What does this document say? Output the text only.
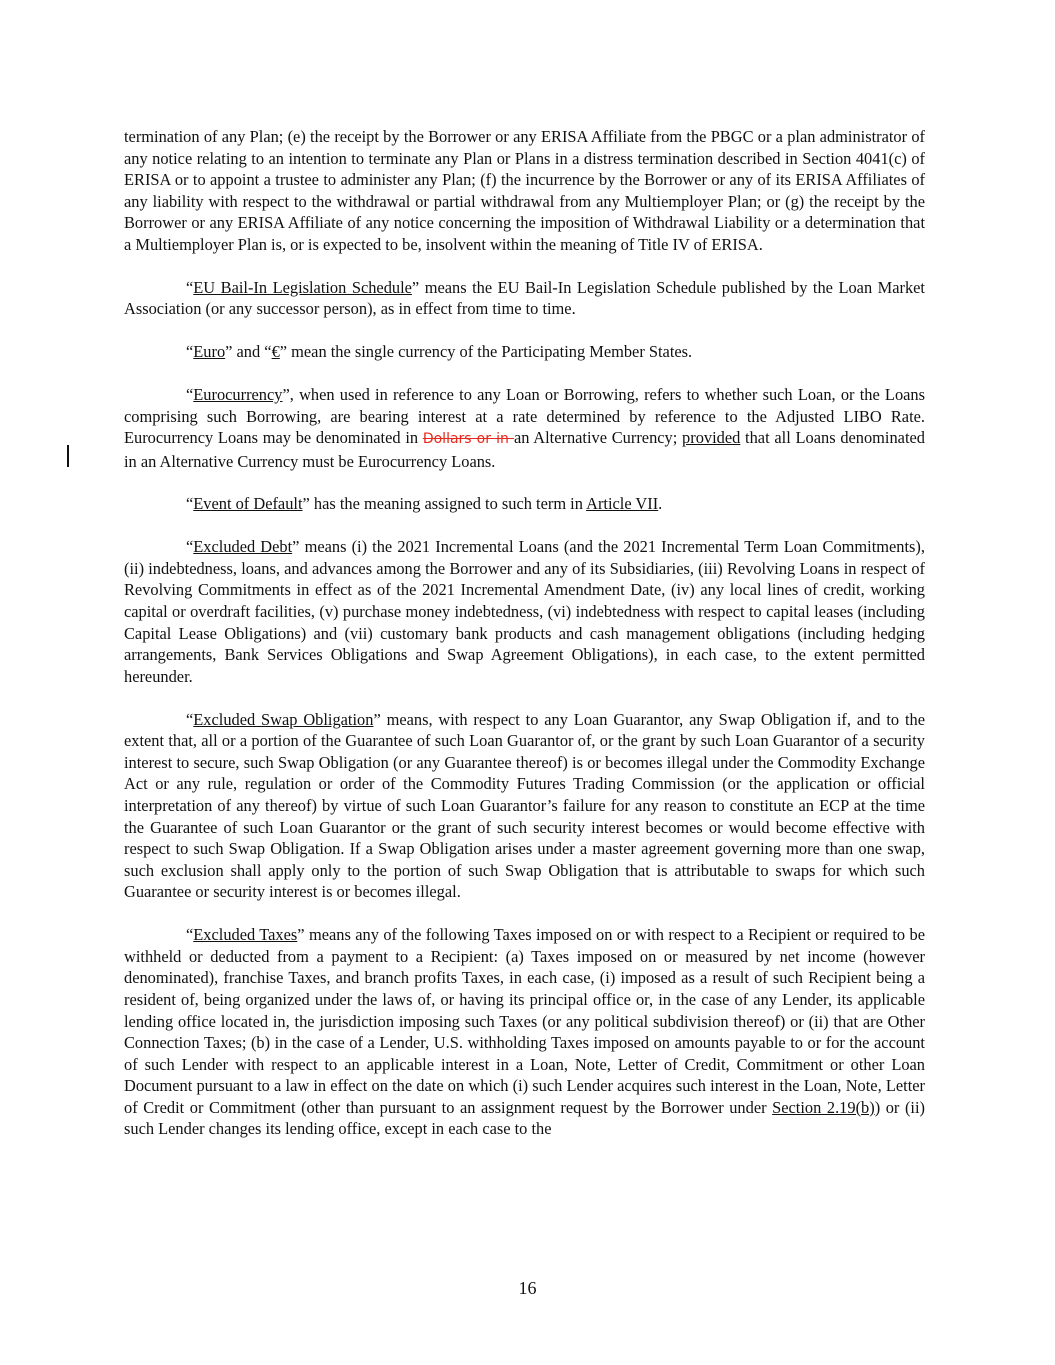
termination of any Plan; (e) the receipt by the Borrower or any ERISA Affiliate from the PBGC or a plan administrator of any notice relating to an intention to terminate any Plan or Plans in a distress termination described in Section 4041(c) of ERISA or to appoint a trustee to administer any Plan; (f) the incurrence by the Borrower or any of its ERISA Affiliates of any liability with respect to the withdrawal or partial withdrawal from any Multiemployer Plan; or (g) the receipt by the Borrower or any ERISA Affiliate of any notice concerning the imposition of Withdrawal Liability or a determination that a Multiemployer Plan is, or is expected to be, insolvent within the meaning of Title IV of ERISA.

“EU Bail-In Legislation Schedule” means the EU Bail-In Legislation Schedule published by the Loan Market Association (or any successor person), as in effect from time to time.

“Euro” and “€” mean the single currency of the Participating Member States.

“Eurocurrency”, when used in reference to any Loan or Borrowing, refers to whether such Loan, or the Loans comprising such Borrowing, are bearing interest at a rate determined by reference to the Adjusted LIBO Rate. Eurocurrency Loans may be denominated in Dollars or in an Alternative Currency; provided that all Loans denominated in an Alternative Currency must be Eurocurrency Loans.

“Event of Default” has the meaning assigned to such term in Article VII.

“Excluded Debt” means (i) the 2021 Incremental Loans (and the 2021 Incremental Term Loan Commitments), (ii) indebtedness, loans, and advances among the Borrower and any of its Subsidiaries, (iii) Revolving Loans in respect of Revolving Commitments in effect as of the 2021 Incremental Amendment Date, (iv) any local lines of credit, working capital or overdraft facilities, (v) purchase money indebtedness, (vi) indebtedness with respect to capital leases (including Capital Lease Obligations) and (vii) customary bank products and cash management obligations (including hedging arrangements, Bank Services Obligations and Swap Agreement Obligations), in each case, to the extent permitted hereunder.

“Excluded Swap Obligation” means, with respect to any Loan Guarantor, any Swap Obligation if, and to the extent that, all or a portion of the Guarantee of such Loan Guarantor of, or the grant by such Loan Guarantor of a security interest to secure, such Swap Obligation (or any Guarantee thereof) is or becomes illegal under the Commodity Exchange Act or any rule, regulation or order of the Commodity Futures Trading Commission (or the application or official interpretation of any thereof) by virtue of such Loan Guarantor’s failure for any reason to constitute an ECP at the time the Guarantee of such Loan Guarantor or the grant of such security interest becomes or would become effective with respect to such Swap Obligation. If a Swap Obligation arises under a master agreement governing more than one swap, such exclusion shall apply only to the portion of such Swap Obligation that is attributable to swaps for which such Guarantee or security interest is or becomes illegal.

“Excluded Taxes” means any of the following Taxes imposed on or with respect to a Recipient or required to be withheld or deducted from a payment to a Recipient: (a) Taxes imposed on or measured by net income (however denominated), franchise Taxes, and branch profits Taxes, in each case, (i) imposed as a result of such Recipient being a resident of, being organized under the laws of, or having its principal office or, in the case of any Lender, its applicable lending office located in, the jurisdiction imposing such Taxes (or any political subdivision thereof) or (ii) that are Other Connection Taxes; (b) in the case of a Lender, U.S. withholding Taxes imposed on amounts payable to or for the account of such Lender with respect to an applicable interest in a Loan, Note, Letter of Credit, Commitment or other Loan Document pursuant to a law in effect on the date on which (i) such Lender acquires such interest in the Loan, Note, Letter of Credit or Commitment (other than pursuant to an assignment request by the Borrower under Section 2.19(b)) or (ii) such Lender changes its lending office, except in each case to the

16
